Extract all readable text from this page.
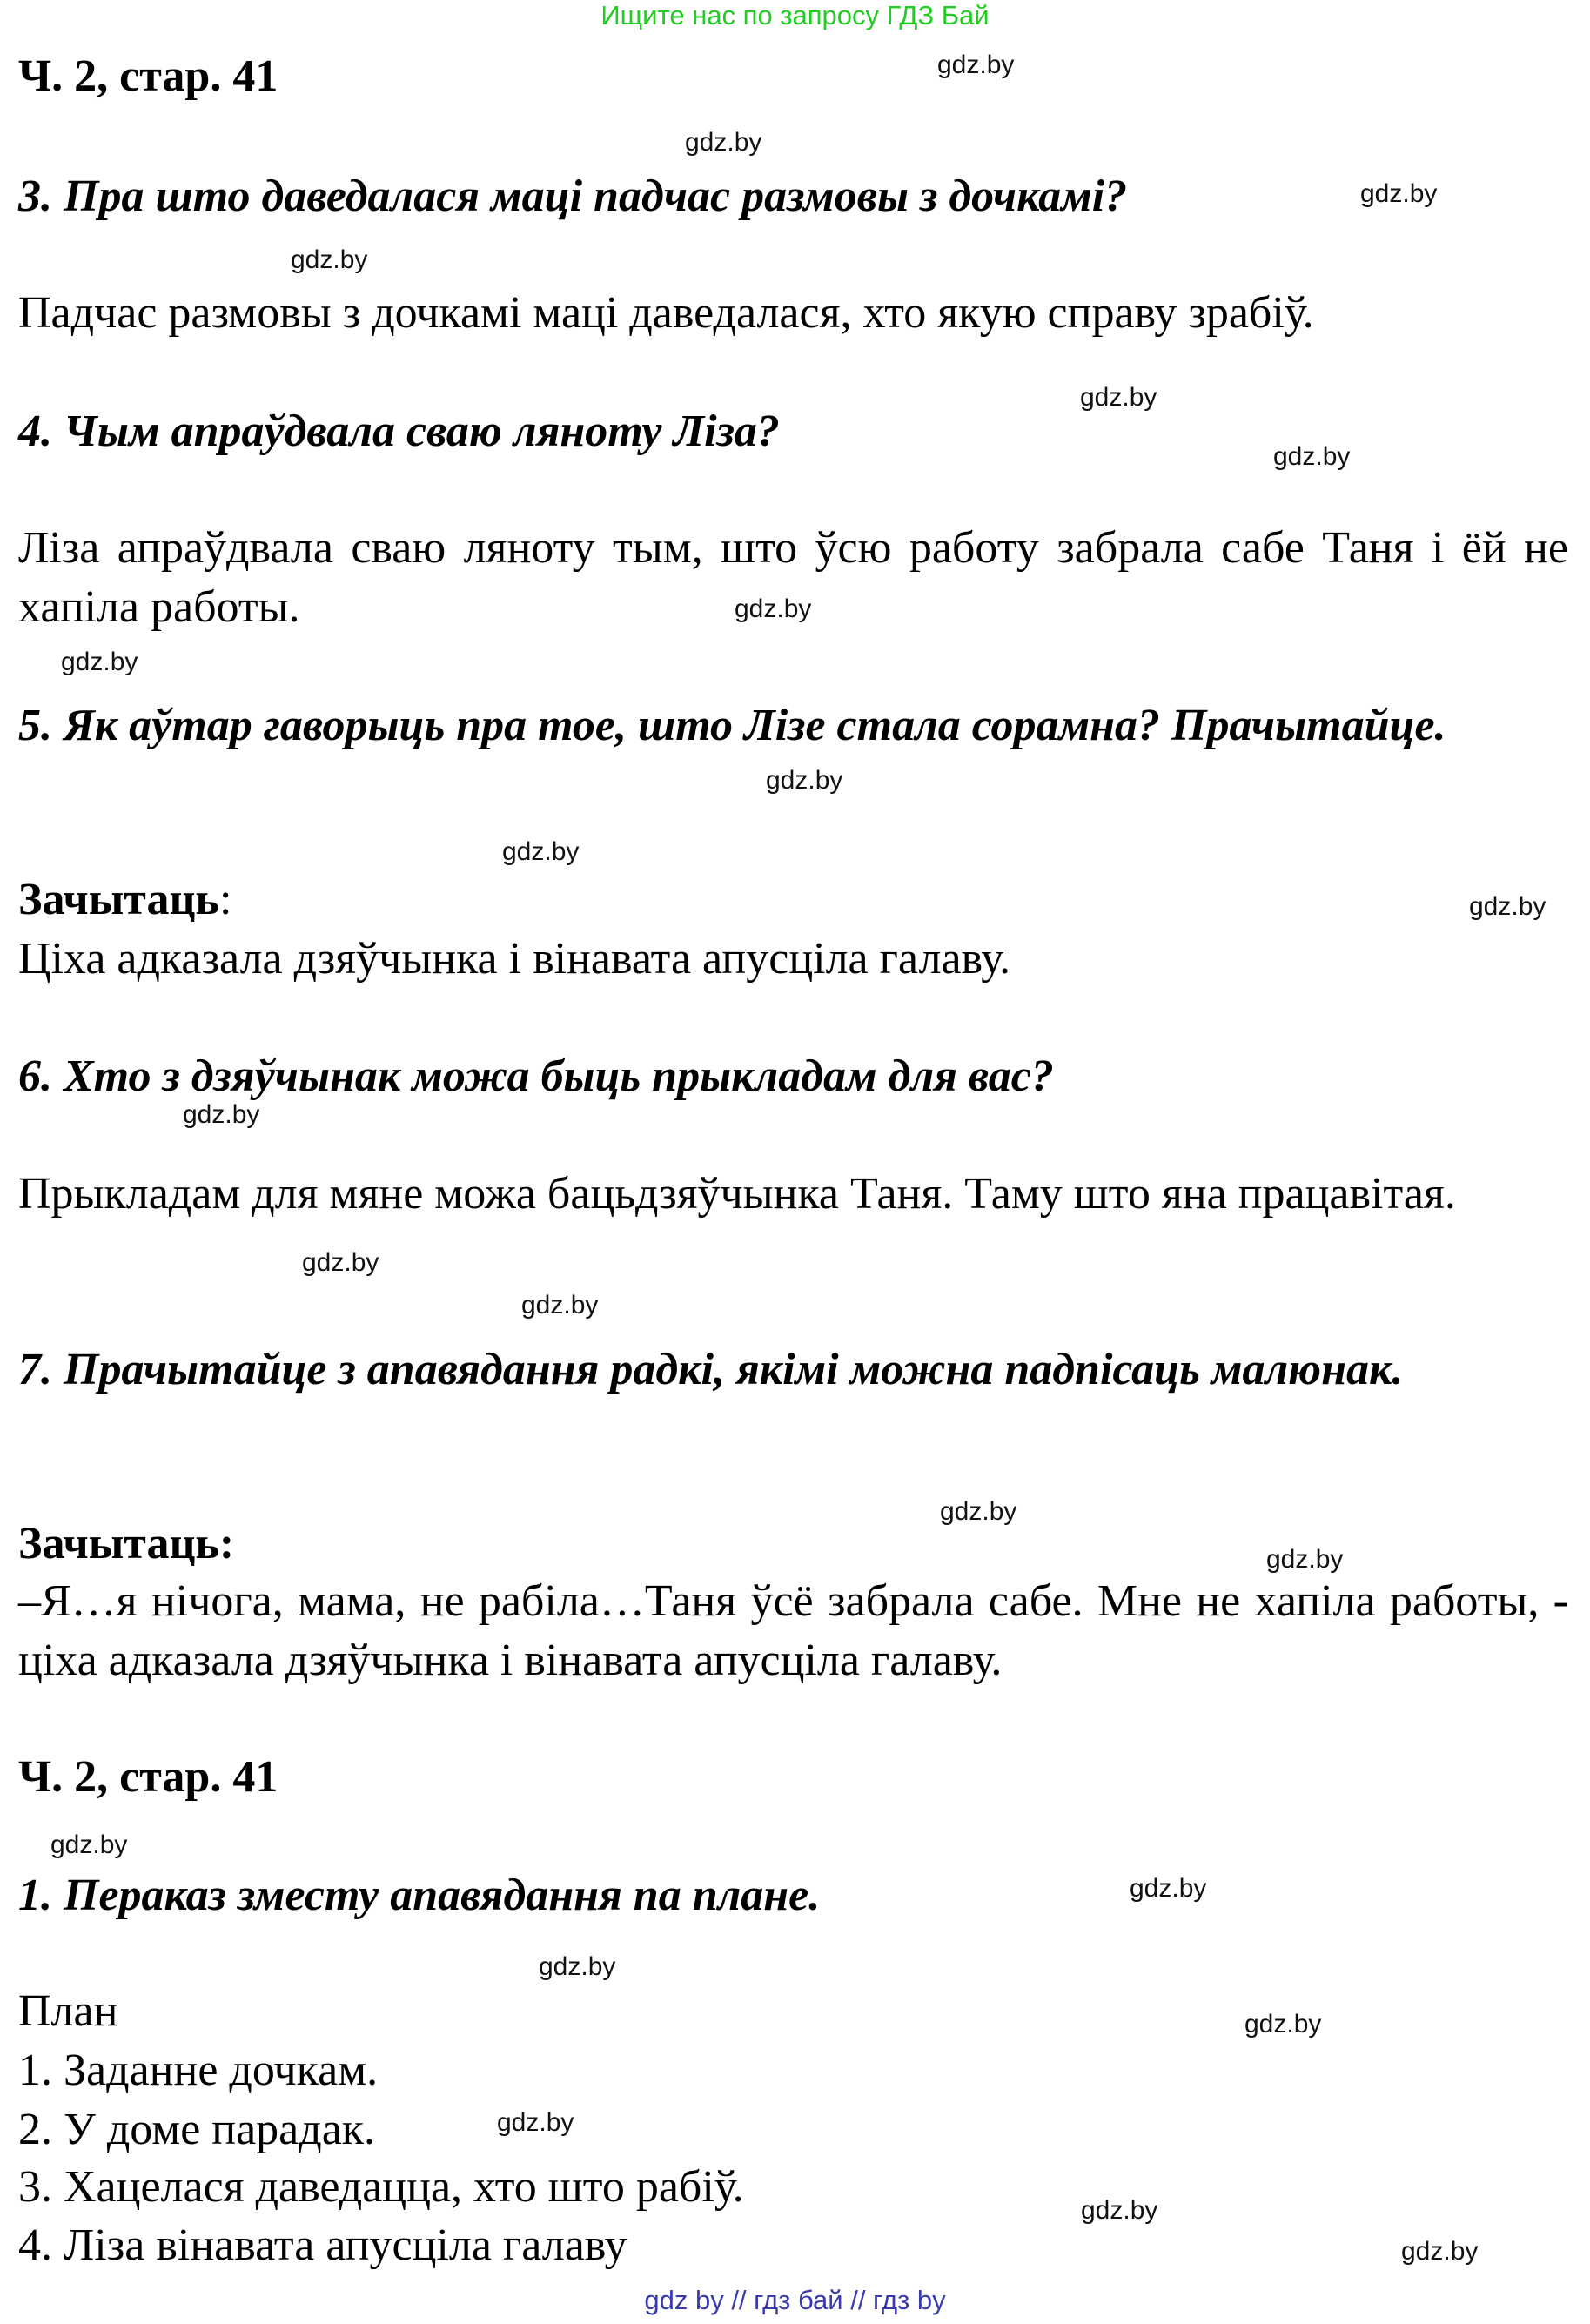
Ищите нас по запросу ГДЗ Бай
Ч. 2, стар. 41
3. Пра што даведалася маці падчас размовы з дочкамі?
Падчас размовы з дочкамі маці даведалася, хто якую справу зрабіў.
4. Чым апраўдвала сваю ляноту Ліза?
Ліза апраўдвала сваю ляноту тым, што ўсю работу забрала сабе Таня і ёй не хапіла работы.
5. Як аўтар гаворыць пра тое, што Лізе стала сорамна? Прачытайце.
Зачытаць:
Ціха адказала дзяўчынка і вінавата апусціла галаву.
6. Хто з дзяўчынак можа быць прыкладам для вас?
Прыкладам для мяне можа бацьдзяўчынка Таня. Таму што яна працавітая.
7. Прачытайце з апавядання радкі, якімі можна падпісаць малюнак.
Зачытаць:
–Я…я нічога, мама, не рабіла…Таня ўсё забрала сабе. Мне не хапіла работы, - ціха адказала дзяўчынка і вінавата апусціла галаву.
Ч. 2, стар. 41
1. Пераказ зместу апавядання па плане.
План
1. Заданне дочкам.
2. У доме парадак.
3. Хацелася даведацца, хто што рабіў.
4. Ліза вінавата апусціла галаву
gdz.by
gdz.by
gdz.by
gdz.by
gdz.by
gdz.by
gdz.by
gdz.by
gdz.by
gdz.by
gdz.by
gdz.by
gdz.by
gdz.by
gdz.by
gdz.by
gdz.by
gdz.by
gdz.by
gdz.by
gdz.by
gdz.by
gdz.by
gdz by // гдз бай // гдз by
